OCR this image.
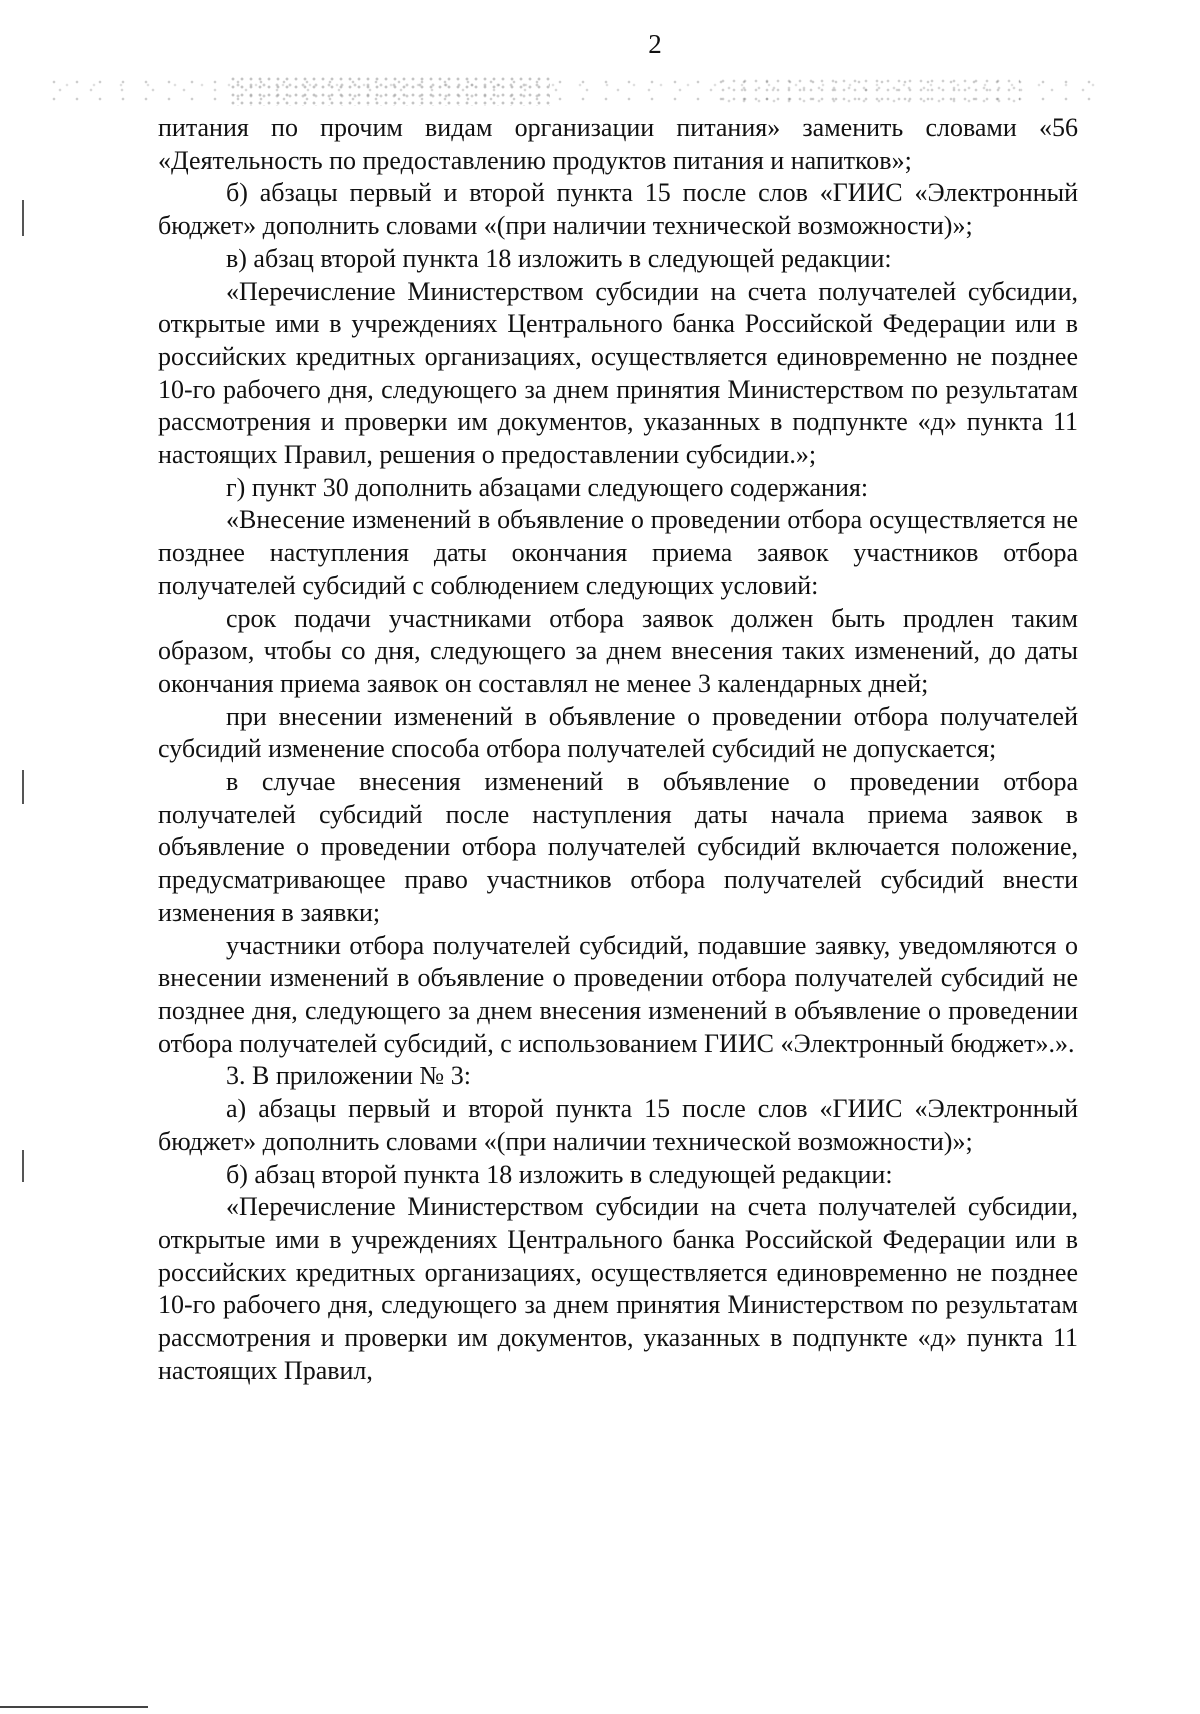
2

питания по прочим видам организации питания» заменить словами «56 «Деятельность по предоставлению продуктов питания и напитков»;

б) абзацы первый и второй пункта 15 после слов «ГИИС «Электронный бюджет» дополнить словами «(при наличии технической возможности)»;

в) абзац второй пункта 18 изложить в следующей редакции:

«Перечисление Министерством субсидии на счета получателей субсидии, открытые ими в учреждениях Центрального банка Российской Федерации или в российских кредитных организациях, осуществляется единовременно не позднее 10-го рабочего дня, следующего за днем принятия Министерством по результатам рассмотрения и проверки им документов, указанных в подпункте «д» пункта 11 настоящих Правил, решения о предоставлении субсидии.»;

г) пункт 30 дополнить абзацами следующего содержания:

«Внесение изменений в объявление о проведении отбора осуществляется не позднее наступления даты окончания приема заявок участников отбора получателей субсидий с соблюдением следующих условий:

срок подачи участниками отбора заявок должен быть продлен таким образом, чтобы со дня, следующего за днем внесения таких изменений, до даты окончания приема заявок он составлял не менее 3 календарных дней;

при внесении изменений в объявление о проведении отбора получателей субсидий изменение способа отбора получателей субсидий не допускается;

в случае внесения изменений в объявление о проведении отбора получателей субсидий после наступления даты начала приема заявок в объявление о проведении отбора получателей субсидий включается положение, предусматривающее право участников отбора получателей субсидий внести изменения в заявки;

участники отбора получателей субсидий, подавшие заявку, уведомляются о внесении изменений в объявление о проведении отбора получателей субсидий не позднее дня, следующего за днем внесения изменений в объявление о проведении отбора получателей субсидий, с использованием ГИИС «Электронный бюджет».».

3. В приложении № 3:

а) абзацы первый и второй пункта 15 после слов «ГИИС «Электронный бюджет» дополнить словами «(при наличии технической возможности)»;

б) абзац второй пункта 18 изложить в следующей редакции:

«Перечисление Министерством субсидии на счета получателей субсидии, открытые ими в учреждениях Центрального банка Российской Федерации или в российских кредитных организациях, осуществляется единовременно не позднее 10-го рабочего дня, следующего за днем принятия Министерством по результатам рассмотрения и проверки им документов, указанных в подпункте «д» пункта 11 настоящих Правил,
